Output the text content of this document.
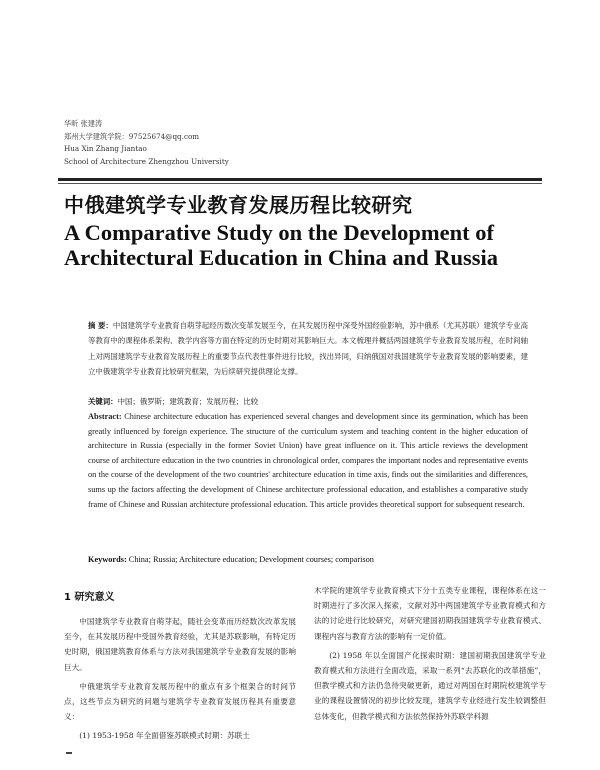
华昕 张建涛
郑州大学建筑学院：97525674@qq.com
Hua Xin Zhang Jiantao
School of Architecture Zhengzhou University
中俄建筑学专业教育发展历程比较研究
A Comparative Study on the Development of Architectural Education in China and Russia
摘 要：中国建筑学专业教育自萌芽起经历数次变革发展至今，在其发展历程中深受外国经验影响，苏中俄系（尤其苏联）建筑学专业高等教育中的课程体系架构、教学内容等方面在特定的历史时期对其影响巨大。本文梳理并概括两国建筑学专业教育发展历程，在时间轴上对两国建筑学专业教育发展历程上的重要节点代表性事件进行比较，找出异同，归纳俄国对我国建筑学专业教育发展的影响要素，建立中俄建筑学专业教育比较研究框架，为后续研究提供理论支撑。
关键词：中国；俄罗斯；建筑教育；发展历程；比较
Abstract: Chinese architecture education has experienced several changes and development since its germination, which has been greatly influenced by foreign experience. The structure of the curriculum system and teaching content in the higher education of architecture in Russia (especially in the former Soviet Union) have great influence on it. This article reviews the development course of architecture education in the two countries in chronological order, compares the important nodes and representative events on the course of the development of the two countries' architecture education in time axis, finds out the similarities and differences, sums up the factors affecting the development of Chinese architecture professional education, and establishes a comparative study frame of Chinese and Russian architecture professional education. This article provides theoretical support for subsequent research.
Keywords: China; Russia; Architecture education; Development courses; comparison
1 研究意义

中国建筑学专业教育自萌芽起，随社会变革而历经数次改革发展至今，在其发展历程中受国外教育经验，尤其是苏联影响，有特定历史时期，俄国建筑教育体系与方法对我国建筑学专业教育发展的影响巨大。

中俄建筑学专业教育发展历程中的重点有多个框架合的时间节点，这些节点为研究的问题与建筑学专业教育发展历程具有重要意义：

(1) 1953-1958 年全面借鉴苏联模式时期：苏联土

木学院的建筑学专业教育模式下分十五类专业课程，课程体系在这一时期进行了多次深入探索，文献对苏中两国建筑学专业教育模式和方法的讨论进行比较研究，对研究建国初期我国建筑学专业教育模式、课程内容与教育方法的影响有一定价值。

(2) 1958 年以全面国产化探索时期：建国初期我国建筑学专业教育模式和方法进行全面改造，采取一系列“去苏联化的改革措施”，但教学模式和方法仍急待突破更新，通过对两国在时期院校建筑学专业的课程设置情况的初步比较发现，建筑学专业经进行发生较调整但总体变化，但教学模式和方法依然保持外苏联学科源
